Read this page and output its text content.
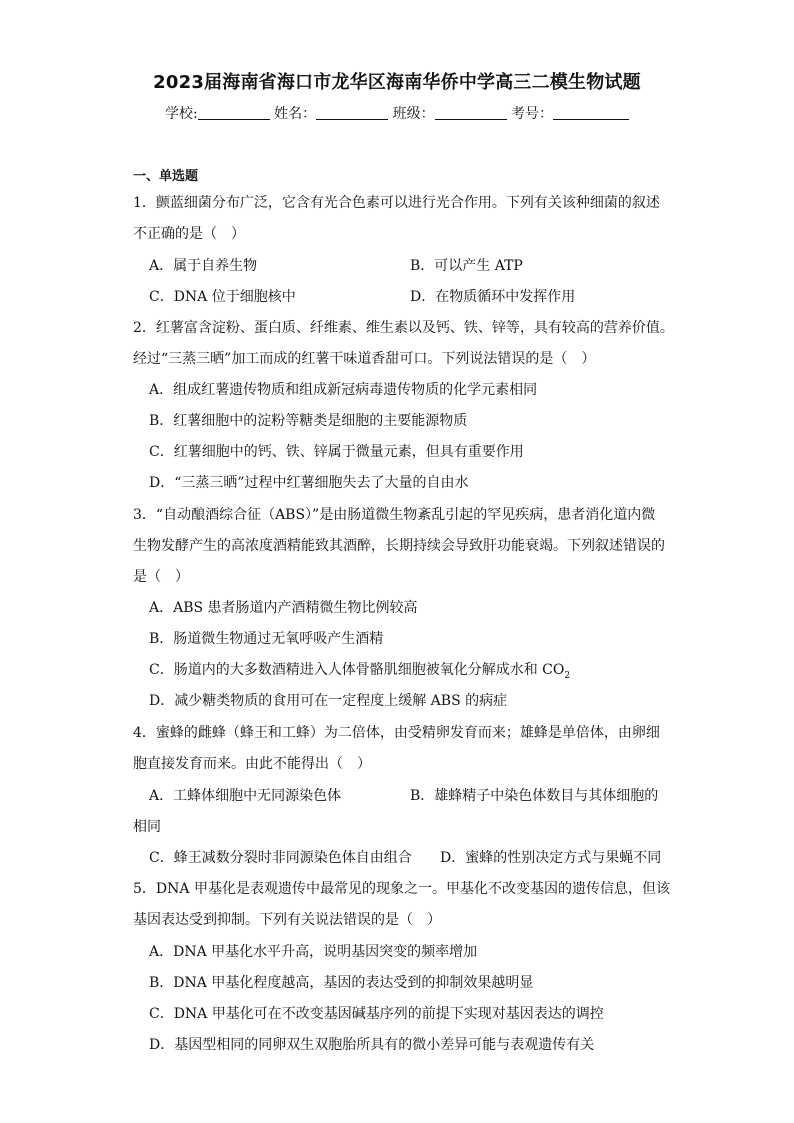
2023届海南省海口市龙华区海南华侨中学高三二模生物试题
学校:	姓名：	班级：	考号：
一、单选题
1．颤蓝细菌分布广泛，它含有光合色素可以进行光合作用。下列有关该种细菌的叙述
不正确的是（　）
A．属于自养生物	B．可以产生 ATP
C．DNA 位于细胞核中	D．在物质循环中发挥作用
2．红薯富含淀粉、蛋白质、纤维素、维生素以及钙、铁、锌等，具有较高的营养价值。
经过“三蒸三晒”加工而成的红薯干味道香甜可口。下列说法错误的是（　）
A．组成红薯遗传物质和组成新冠病毒遗传物质的化学元素相同
B．红薯细胞中的淀粉等糖类是细胞的主要能源物质
C．红薯细胞中的钙、铁、锌属于微量元素，但具有重要作用
D．“三蒸三晒”过程中红薯细胞失去了大量的自由水
3．“自动酿酒综合征（ABS）”是由肠道微生物紊乱引起的罕见疾病，患者消化道内微
生物发酵产生的高浓度酒精能致其酒醉，长期持续会导致肝功能衰竭。下列叙述错误的
是（　）
A．ABS 患者肠道内产酒精微生物比例较高
B．肠道微生物通过无氧呼吸产生酒精
C．肠道内的大多数酒精进入人体骨骼肌细胞被氧化分解成水和 $CO_2$
D．减少糖类物质的食用可在一定程度上缓解 ABS 的病症
4．蜜蜂的雌蜂（蜂王和工蜂）为二倍体，由受精卵发育而来；雄蜂是单倍体，由卵细
胞直接发育而来。由此不能得出（　）
A．工蜂体细胞中无同源染色体	B．雄蜂精子中染色体数目与其体细胞的
相同
C．蜂王减数分裂时非同源染色体自由组合 D．蜜蜂的性别决定方式与果蝇不同
5．DNA 甲基化是表观遗传中最常见的现象之一。甲基化不改变基因的遗传信息，但该
基因表达受到抑制。下列有关说法错误的是（　）
A．DNA 甲基化水平升高，说明基因突变的频率增加
B．DNA 甲基化程度越高，基因的表达受到的抑制效果越明显
C．DNA 甲基化可在不改变基因碱基序列的前提下实现对基因表达的调控
D．基因型相同的同卵双生双胞胎所具有的微小差异可能与表观遗传有关
